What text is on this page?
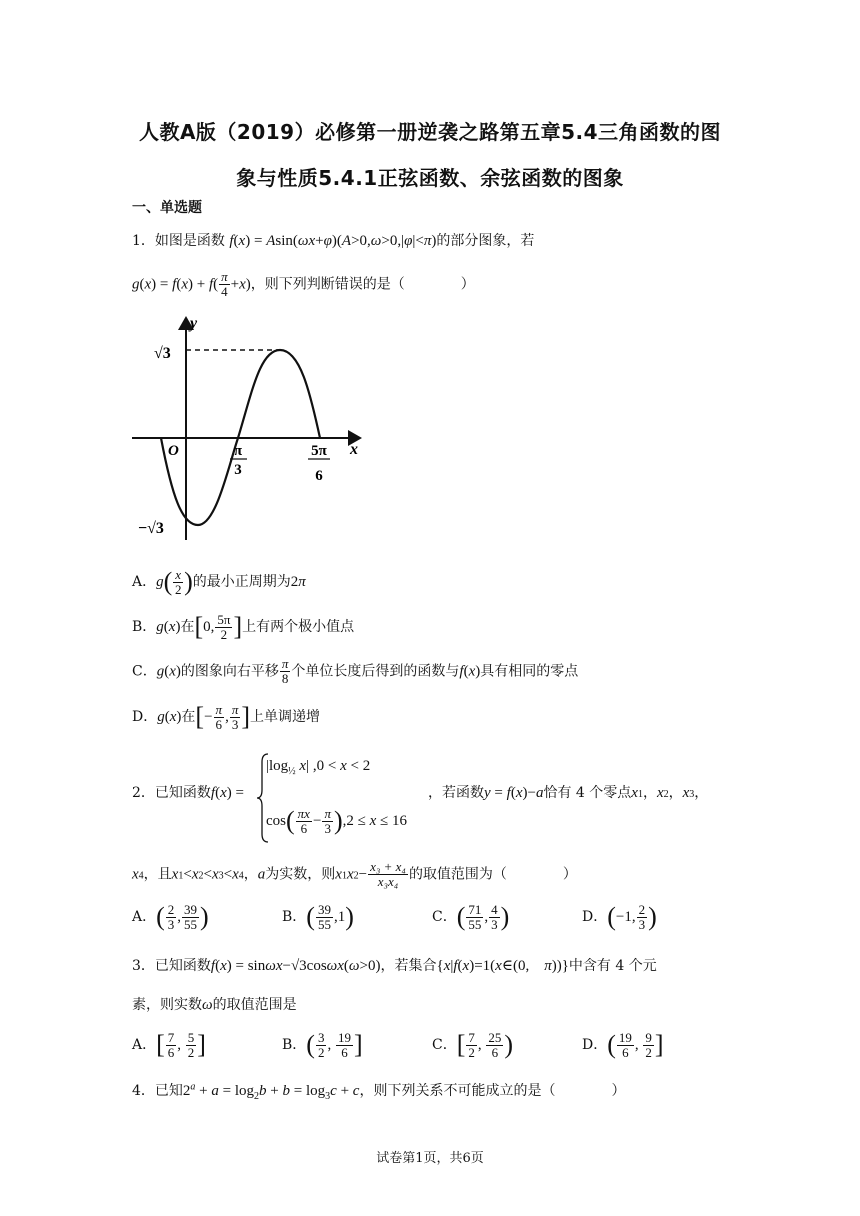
人教A版（2019）必修第一册逆袭之路第五章5.4三角函数的图
象与性质5.4.1正弦函数、余弦函数的图象
一、单选题
1．如图是函数 f(x) = Asin(ωx+φ)(A>0,ω>0,|φ|<π)的部分图象，若
$g(x) = f(x) + f( \frac{\pi}{4} +x)$，则下列判断错误的是（　　　　）
y
x
O
√3
−√3
π
3
5π
6
A．$g( \frac{x}{2}$ )的最小正周期为2π
B．g(x)在[0, $\frac{5\pi}{2}$ ]上有两个极小值点
C．g(x)的图象向右平移 $\frac{\pi}{8}$ 个单位长度后得到的函数与f(x)具有相同的零点
D．g(x)在[− $\frac{\pi}{6}$ , $\frac{\pi}{3}$ ]上单调递增
2．已知函数f(x) =
$|\log_{\frac{1}{2}}$ x| ,0 < x < 2
$\cos( \frac{\pi x}{6} - \frac{\pi}{3} ),2 \le x \le 16$
，若函数y = f(x)−a恰有 4 个零点x1，x2，x3，
x4，且x1<x2<x3<x4，a为实数，则$x1x2- \frac{\text{x₃ + x₄}}{\text{x₃x₄}}$ 的取值范围为（　　　　）
A．( $\frac{2}{3}$ , $\frac{39}{55}$ )	B．( $\frac{39}{55} ,1$)	C．( $\frac{71}{55}$ , $\frac{4}{3}$ )	D．(−1, $\frac{2}{3}$ )
3．已知函数f(x) = sinωx−√3cosωx(ω>0)，若集合{x|f(x)=1(x∈(0,　π))}中含有 4 个元
素，则实数ω的取值范围是
A．[ $\frac{7}{6}$ , $\frac{5}{2}$ ]	B．( $\frac{3}{2}$ , $\frac{19}{6}$ ]	C．[ $\frac{7}{2}$ , $\frac{25}{6}$ )	D．( $\frac{19}{6}$ , $\frac{9}{2}$ ]
4．已知$2^a + a = \log_2b + b = \log_3c + c$，则下列关系不可能成立的是（　　　　）
试卷第1页，共6页
